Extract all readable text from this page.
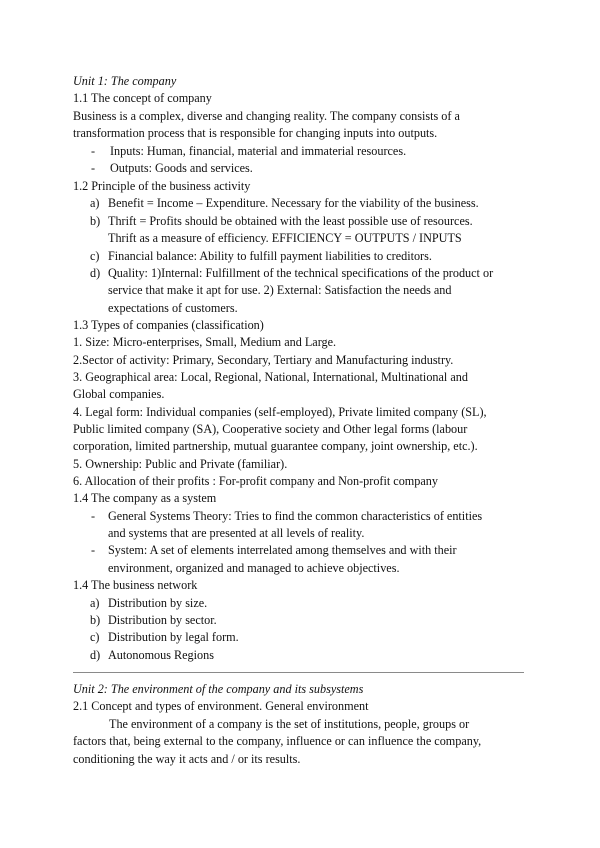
Unit 1: The company
1.1 The concept of company
Business is a complex, diverse and changing reality. The company consists of a
transformation process that is responsible for changing inputs into outputs.
- Inputs: Human, financial, material and immaterial resources.
- Outputs: Goods and services.
1.2 Principle of the business activity
a) Benefit = Income – Expenditure. Necessary for the viability of the business.
b) Thrift = Profits should be obtained with the least possible use of resources.
Thrift as a measure of efficiency. EFFICIENCY = OUTPUTS / INPUTS
c) Financial balance: Ability to fulfill payment liabilities to creditors.
d) Quality: 1)Internal: Fulfillment of the technical specifications of the product or
service that make it apt for use. 2) External: Satisfaction the needs and
expectations of customers.
1.3 Types of companies (classification)
1. Size: Micro-enterprises, Small, Medium and Large.
2.Sector of activity: Primary, Secondary, Tertiary and Manufacturing industry.
3. Geographical area: Local, Regional, National, International, Multinational and
Global companies.
4. Legal form: Individual companies (self-employed), Private limited company (SL),
Public limited company (SA), Cooperative society and Other legal forms (labour
corporation, limited partnership, mutual guarantee company, joint ownership, etc.).
5. Ownership: Public and Private (familiar).
6. Allocation of their profits : For-profit company and Non-profit company
1.4 The company as a system
- General Systems Theory: Tries to find the common characteristics of entities
and systems that are presented at all levels of reality.
- System: A set of elements interrelated among themselves and with their
environment, organized and managed to achieve objectives.
1.4 The business network
a) Distribution by size.
b) Distribution by sector.
c) Distribution by legal form.
d) Autonomous Regions
Unit 2: The environment of the company and its subsystems
2.1 Concept and types of environment. General environment
The environment of a company is the set of institutions, people, groups or
factors that, being external to the company, influence or can influence the company,
conditioning the way it acts and / or its results.
